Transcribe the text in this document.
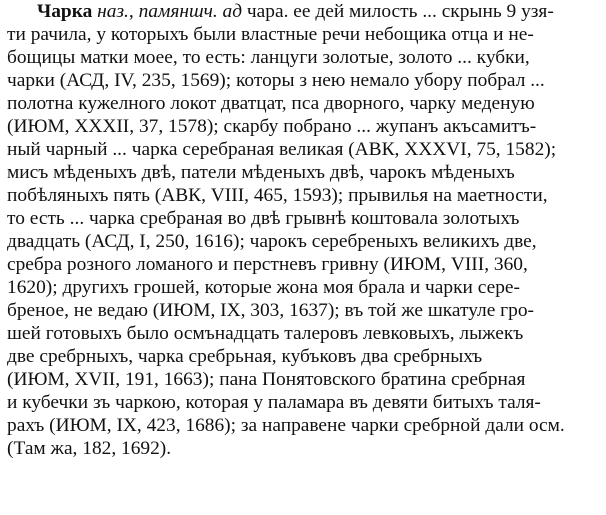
Чарка наз., памяншч. ад чара. ее дей милость ... скрынь 9 узя-
ти рачила, у которыхъ были властные речи небощика отца и не-
бощицы матки моее, то есть: ланцуги золотые, золото ... кубки,
чарки (АСД, IV, 235, 1569); которы з нею немало убору побрал ...
полотна кужелного локот дватцат, пса дворного, чарку меденую
(ИЮМ, XXXII, 37, 1578); скарбу побрано ... жупанъ акъсамитъ-
ный чарный ... чарка серебраная великая (АВК, XXXVI, 75, 1582);
мисъ мѣденыхъ двѣ, патели мѣденыхъ двѣ, чарокъ мѣденыхъ
побѣляныхъ пять (АВК, VIII, 465, 1593); прывилья на маетности,
то есть ... чарка сребраная во двѣ грывнѣ коштовала золотыхъ
двадцать (АСД, I, 250, 1616); чарокъ серебреныхъ великихъ две,
сребра розного ломаного и перстневъ гривну (ИЮМ, VIII, 360,
1620); другихъ грошей, которые жона моя брала и чарки сере-
бреное, не ведаю (ИЮМ, IX, 303, 1637); въ той же шкатуле гро-
шей готовыхъ было осмънадцать талеровъ левковыхъ, лыжекъ
две сребрныхъ, чарка сребрьная, кубъковъ два сребрныхъ
(ИЮМ, XVII, 191, 1663); пана Понятовского братина сребрная
и кубечки зъ чаркою, которая у паламара въ девяти битыхъ таля-
рахъ (ИЮМ, IX, 423, 1686); за направене чарки сребрной дали осм.
(Там жа, 182, 1692).
